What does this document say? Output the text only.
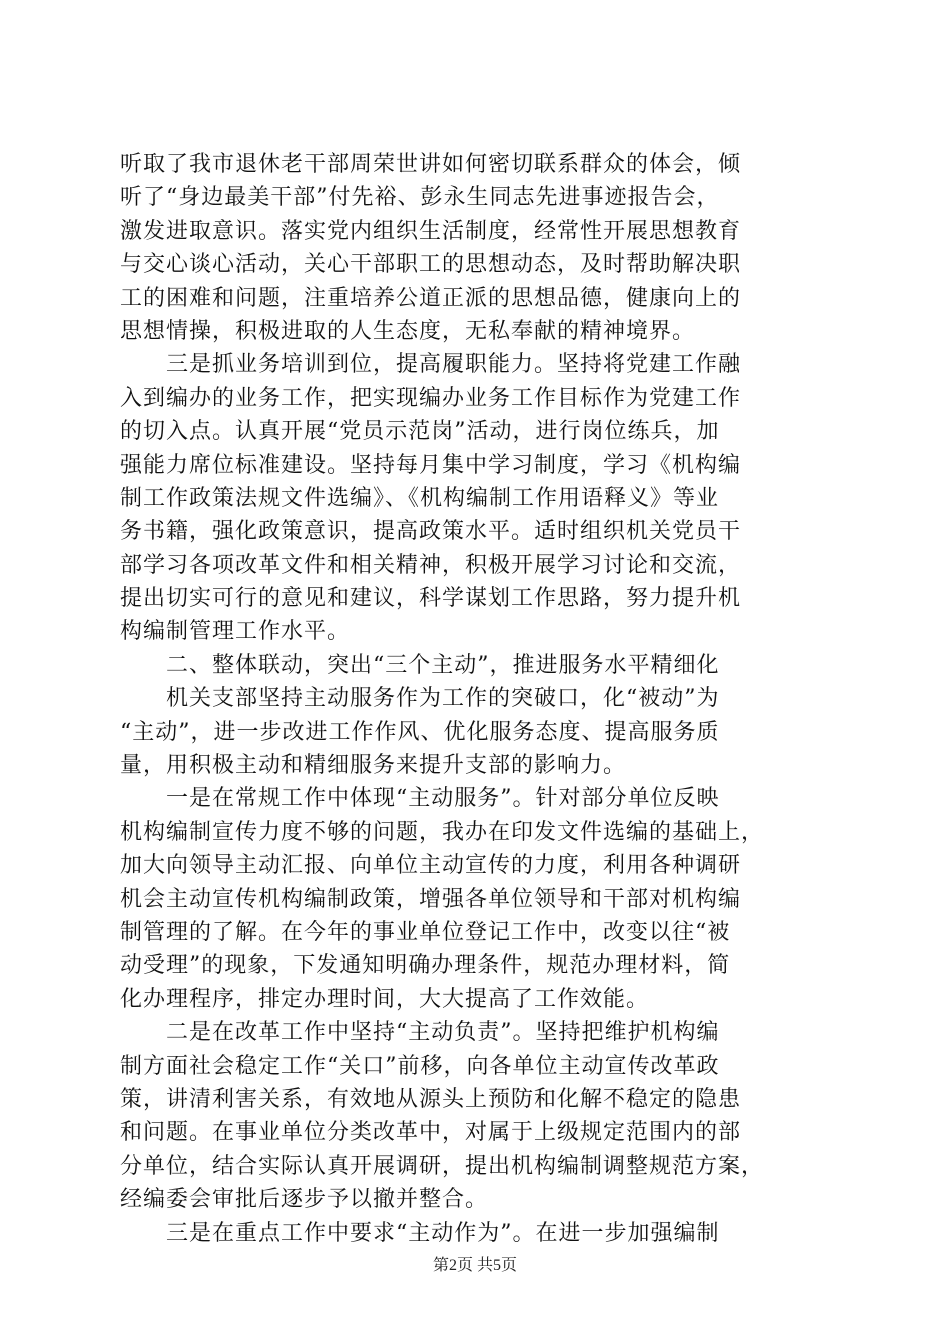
听取了我市退休老干部周荣世讲如何密切联系群众的体会，倾
听了“身边最美干部”付先裕、彭永生同志先进事迹报告会，
激发进取意识。落实党内组织生活制度，经常性开展思想教育
与交心谈心活动，关心干部职工的思想动态，及时帮助解决职
工的困难和问题，注重培养公道正派的思想品德，健康向上的
思想情操，积极进取的人生态度，无私奉献的精神境界。
　　三是抓业务培训到位，提高履职能力。坚持将党建工作融
入到编办的业务工作，把实现编办业务工作目标作为党建工作
的切入点。认真开展“党员示范岗”活动，进行岗位练兵，加
强能力席位标准建设。坚持每月集中学习制度，学习《机构编
制工作政策法规文件选编》、《机构编制工作用语释义》等业
务书籍，强化政策意识，提高政策水平。适时组织机关党员干
部学习各项改革文件和相关精神，积极开展学习讨论和交流，
提出切实可行的意见和建议，科学谋划工作思路，努力提升机
构编制管理工作水平。
　　二、整体联动，突出“三个主动”，推进服务水平精细化
　　机关支部坚持主动服务作为工作的突破口，化“被动”为
“主动”，进一步改进工作作风、优化服务态度、提高服务质
量，用积极主动和精细服务来提升支部的影响力。
　　一是在常规工作中体现“主动服务”。针对部分单位反映
机构编制宣传力度不够的问题，我办在印发文件选编的基础上，
加大向领导主动汇报、向单位主动宣传的力度，利用各种调研
机会主动宣传机构编制政策，增强各单位领导和干部对机构编
制管理的了解。在今年的事业单位登记工作中，改变以往“被
动受理”的现象，下发通知明确办理条件，规范办理材料，简
化办理程序，排定办理时间，大大提高了工作效能。
　　二是在改革工作中坚持“主动负责”。坚持把维护机构编
制方面社会稳定工作“关口”前移，向各单位主动宣传改革政
策，讲清利害关系，有效地从源头上预防和化解不稳定的隐患
和问题。在事业单位分类改革中，对属于上级规定范围内的部
分单位，结合实际认真开展调研，提出机构编制调整规范方案，
经编委会审批后逐步予以撤并整合。
　　三是在重点工作中要求“主动作为”。在进一步加强编制
第2页 共5页
